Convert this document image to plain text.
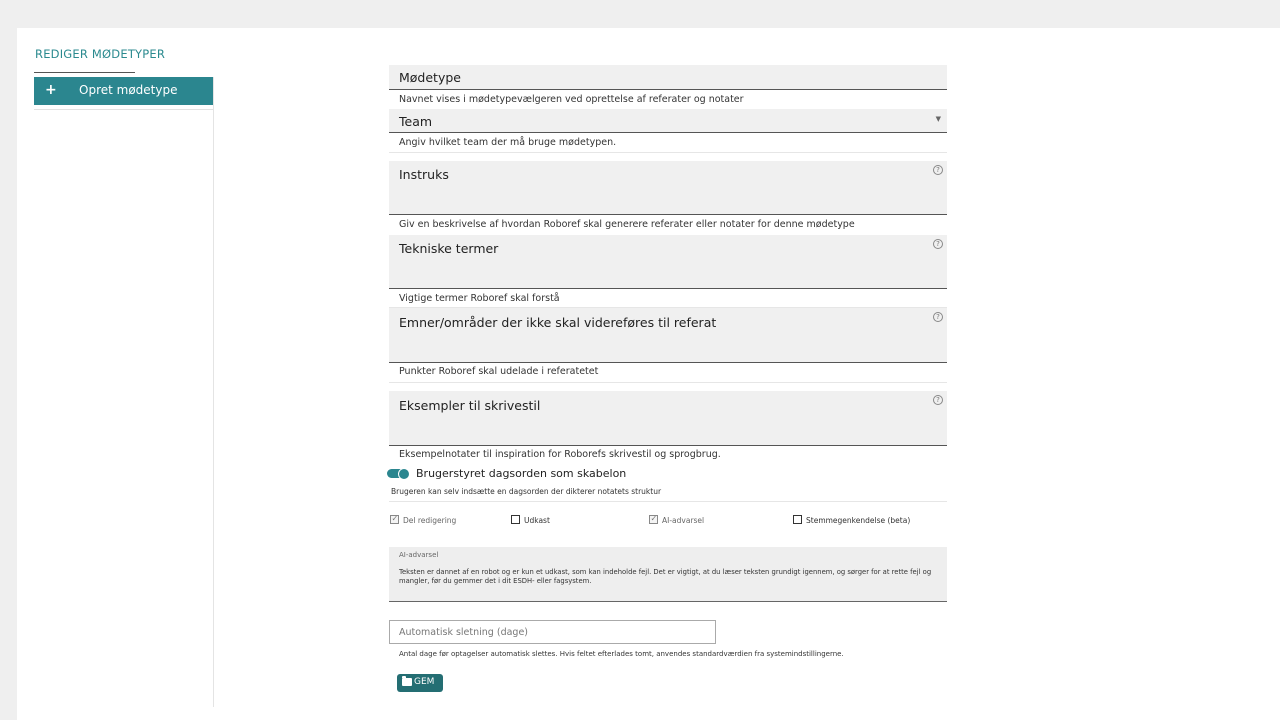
REDIGER MØDETYPER
+ Opret mødetype
Mødetype
Navnet vises i mødetypevælgeren ved oprettelse af referater og notater
Team	▼
Angiv hvilket team der må bruge mødetypen.
Instruks	?
Giv en beskrivelse af hvordan Roboref skal generere referater eller notater for denne mødetype
Tekniske termer	?
Vigtige termer Roboref skal forstå
Emner/områder der ikke skal videreføres til referat	?
Punkter Roboref skal udelade i referatetet
Eksempler til skrivestil	?
Eksempelnotater til inspiration for Roborefs skrivestil og sprogbrug.
Brugerstyret dagsorden som skabelon
Brugeren kan selv indsætte en dagsorden der dikterer notatets struktur
✓
Del redigering	Udkast
✓	AI-advarsel	Stemmegenkendelse (beta)
AI-advarsel
Teksten er dannet af en robot og er kun et udkast, som kan indeholde fejl. Det er vigtigt, at du læser teksten grundigt igennem, og sørger for at rette fejl og mangler, før du gemmer det i dit ESDH- eller fagsystem.
Automatisk sletning (dage)
Antal dage før optagelser automatisk slettes. Hvis feltet efterlades tomt, anvendes standardværdien fra systemindstillingerne.
GEM
